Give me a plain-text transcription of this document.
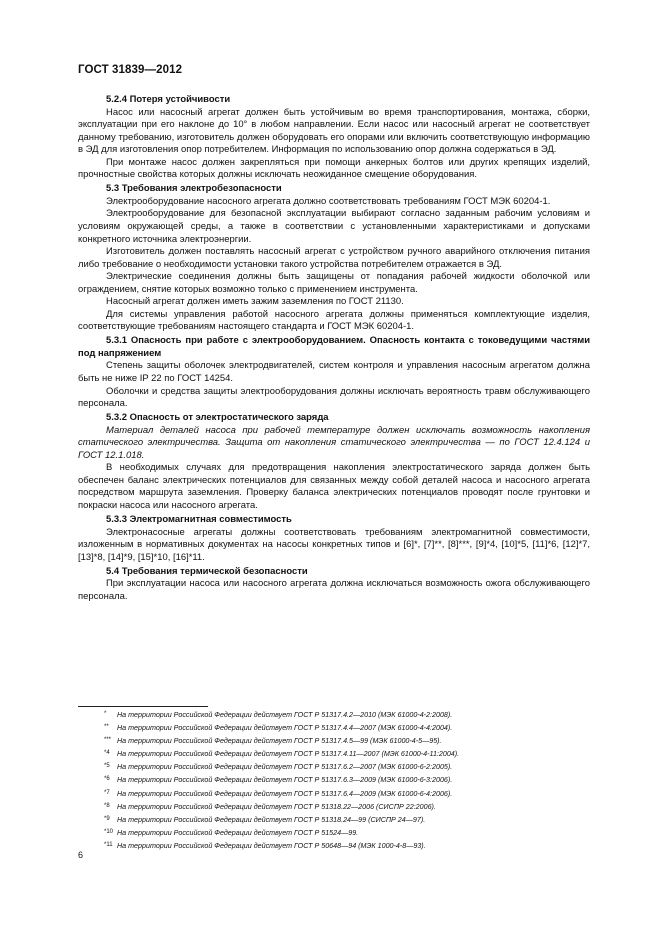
ГОСТ 31839—2012

5.2.4 Потеря устойчивости

Насос или насосный агрегат должен быть устойчивым во время транспортирования, монтажа, сборки, эксплуатации при его наклоне до 10° в любом направлении. Если насос или насосный агрегат не соответствует данному требованию, изготовитель должен оборудовать его опорами или включить соответствующую информацию в ЭД для изготовления опор потребителем. Информация по использованию опор должна содержаться в ЭД.

При монтаже насос должен закрепляться при помощи анкерных болтов или других крепящих изделий, прочностные свойства которых должны исключать неожиданное смещение оборудования.

5.3 Требования электробезопасности

Электрооборудование насосного агрегата должно соответствовать требованиям ГОСТ МЭК 60204-1.

Электрооборудование для безопасной эксплуатации выбирают согласно заданным рабочим условиям и условиям окружающей среды, а также в соответствии с установленными характеристиками и допусками конкретного источника электроэнергии.

Изготовитель должен поставлять насосный агрегат с устройством ручного аварийного отключения питания либо требование о необходимости установки такого устройства потребителем отражается в ЭД.

Электрические соединения должны быть защищены от попадания рабочей жидкости оболочкой или ограждением, снятие которых возможно только с применением инструмента.

Насосный агрегат должен иметь зажим заземления по ГОСТ 21130.

Для системы управления работой насосного агрегата должны применяться комплектующие изделия, соответствующие требованиям настоящего стандарта и ГОСТ МЭК 60204-1.

5.3.1 Опасность при работе с электрооборудованием. Опасность контакта с токоведущими частями под напряжением

Степень защиты оболочек электродвигателей, систем контроля и управления насосным агрегатом должна быть не ниже IP 22 по ГОСТ 14254.

Оболочки и средства защиты электрооборудования должны исключать вероятность травм обслуживающего персонала.

5.3.2 Опасность от электростатического заряда

Материал деталей насоса при рабочей температуре должен исключать возможность накопления статического электричества. Защита от накопления статического электричества — по ГОСТ 12.4.124 и ГОСТ 12.1.018.

В необходимых случаях для предотвращения накопления электростатического заряда должен быть обеспечен баланс электрических потенциалов для связанных между собой деталей насоса и насосного агрегата посредством маршрута заземления. Проверку баланса электрических потенциалов проводят после грунтовки и покраски насоса или насосного агрегата.

5.3.3 Электромагнитная совместимость

Электронасосные агрегаты должны соответствовать требованиям электромагнитной совместимости, изложенным в нормативных документах на насосы конкретных типов и [6]*, [7]**, [8]***, [9]*4, [10]*5, [11]*6, [12]*7, [13]*8, [14]*9, [15]*10, [16]*11.

5.4 Требования термической безопасности

При эксплуатации насоса или насосного агрегата должна исключаться возможность ожога обслуживающего персонала.

* На территории Российской Федерации действует ГОСТ Р 51317.4.2—2010 (МЭК 61000-4-2:2008).
** На территории Российской Федерации действует ГОСТ Р 51317.4.4—2007 (МЭК 61000-4-4:2004).
*** На территории Российской Федерации действует ГОСТ Р 51317.4.5—99 (МЭК 61000-4-5—95).
*4 На территории Российской Федерации действует ГОСТ Р 51317.4.11—2007 (МЭК 61000-4-11:2004).
*5 На территории Российской Федерации действует ГОСТ Р 51317.6.2—2007 (МЭК 61000-6-2:2005).
*6 На территории Российской Федерации действует ГОСТ Р 51317.6.3—2009 (МЭК 61000-6-3:2006).
*7 На территории Российской Федерации действует ГОСТ Р 51317.6.4—2009 (МЭК 61000-6-4:2006).
*8 На территории Российской Федерации действует ГОСТ Р 51318.22—2006 (СИСПР 22:2006).
*9 На территории Российской Федерации действует ГОСТ Р 51318.24—99 (СИСПР 24—97).
*10 На территории Российской Федерации действует ГОСТ Р 51524—99.
*11 На территории Российской Федерации действует ГОСТ Р 50648—94 (МЭК 1000-4-8—93).
6
